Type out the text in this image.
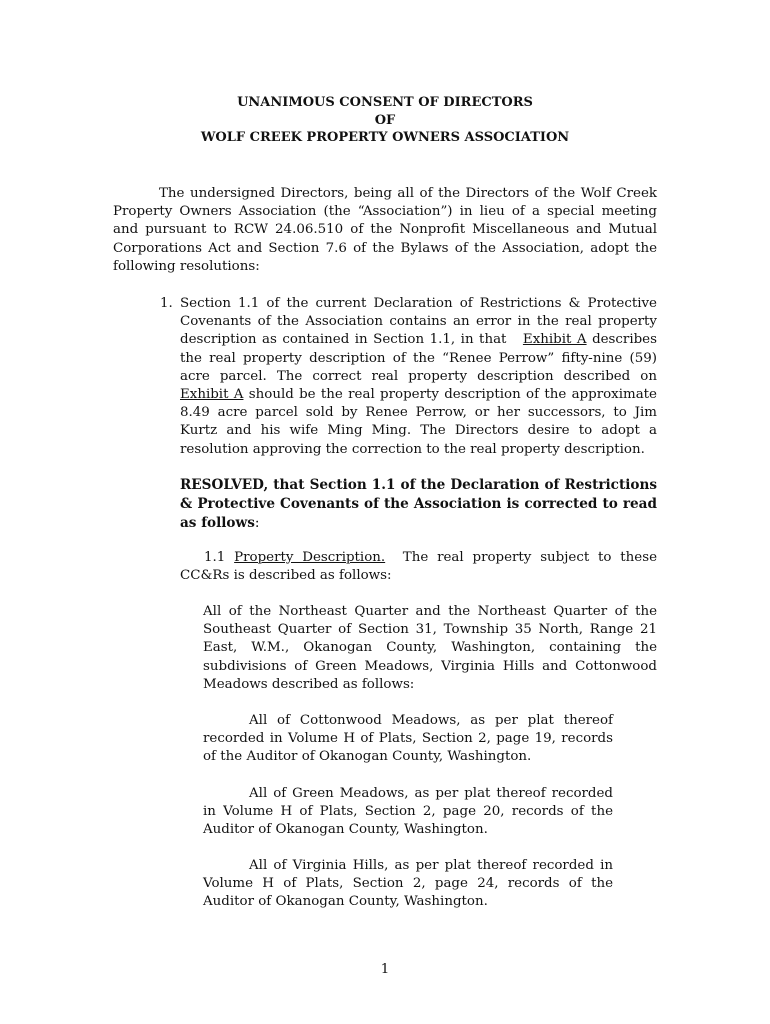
UNANIMOUS CONSENT OF DIRECTORS
OF
WOLF CREEK PROPERTY OWNERS ASSOCIATION

The undersigned Directors, being all of the Directors of the Wolf Creek Property Owners Association (the “Association”) in lieu of a special meeting and pursuant to RCW 24.06.510 of the Nonprofit Miscellaneous and Mutual Corporations Act and Section 7.6 of the Bylaws of the Association, adopt the following resolutions:

1. Section 1.1 of the current Declaration of Restrictions & Protective Covenants of the Association contains an error in the real property description as contained in Section 1.1, in that Exhibit A describes the real property description of the “Renee Perrow” fifty-nine (59) acre parcel. The correct real property description described on Exhibit A should be the real property description of the approximate 8.49 acre parcel sold by Renee Perrow, or her successors, to Jim Kurtz and his wife Ming Ming. The Directors desire to adopt a resolution approving the correction to the real property description.

RESOLVED, that Section 1.1 of the Declaration of Restrictions & Protective Covenants of the Association is corrected to read as follows:

1.1 Property Description. The real property subject to these CC&Rs is described as follows:

All of the Northeast Quarter and the Northeast Quarter of the Southeast Quarter of Section 31, Township 35 North, Range 21 East, W.M., Okanogan County, Washington, containing the subdivisions of Green Meadows, Virginia Hills and Cottonwood Meadows described as follows:

All of Cottonwood Meadows, as per plat thereof recorded in Volume H of Plats, Section 2, page 19, records of the Auditor of Okanogan County, Washington.

All of Green Meadows, as per plat thereof recorded in Volume H of Plats, Section 2, page 20, records of the Auditor of Okanogan County, Washington.

All of Virginia Hills, as per plat thereof recorded in Volume H of Plats, Section 2, page 24, records of the Auditor of Okanogan County, Washington.

1
